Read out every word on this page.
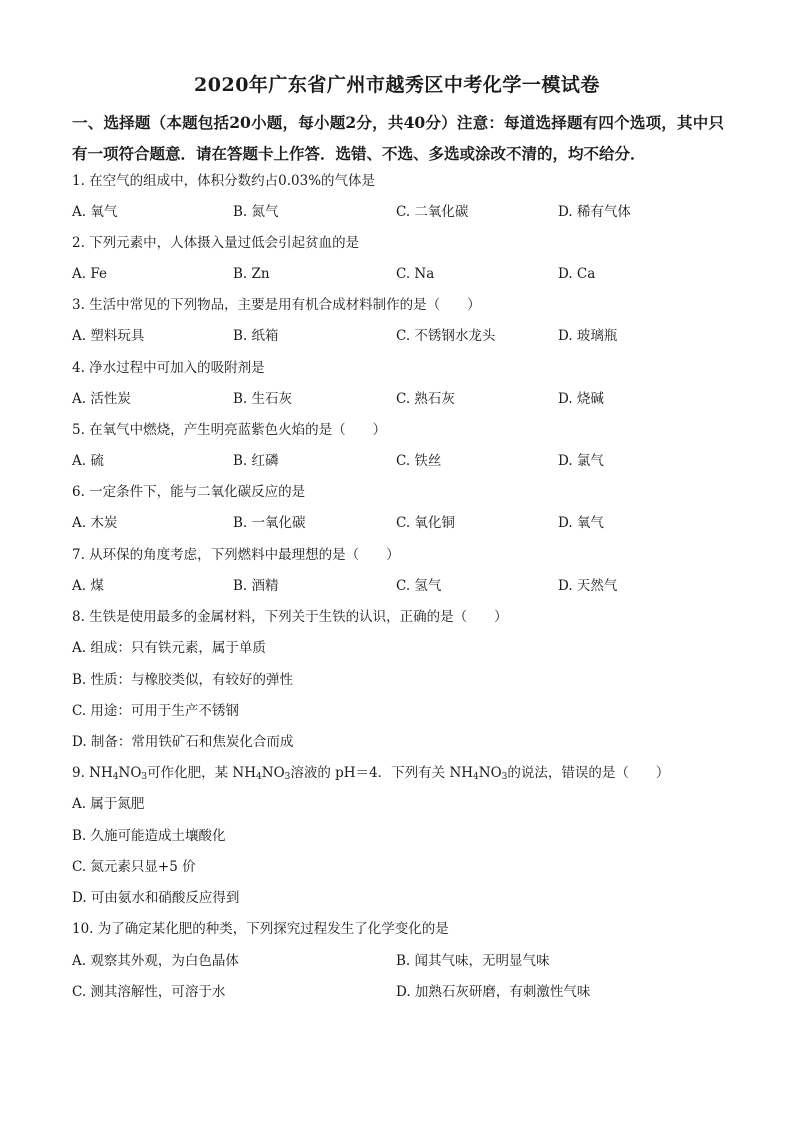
2020年广东省广州市越秀区中考化学一模试卷
一、选择题（本题包括20小题，每小题2分，共40分）注意：每道选择题有四个选项，其中只有一项符合题意．请在答题卡上作答．选错、不选、多选或涂改不清的，均不给分．
1. 在空气的组成中，体积分数约占0.03%的气体是
A. 氧气	B. 氮气	C. 二氧化碳	D. 稀有气体
2. 下列元素中，人体摄入量过低会引起贫血的是
A. Fe	B. Zn	C. Na	D. Ca
3. 生活中常见的下列物品，主要是用有机合成材料制作的是（　　）
A. 塑料玩具	B. 纸箱	C. 不锈钢水龙头	D. 玻璃瓶
4. 净水过程中可加入的吸附剂是
A. 活性炭	B. 生石灰	C. 熟石灰	D. 烧碱
5. 在氧气中燃烧，产生明亮蓝紫色火焰的是（　　）
A. 硫	B. 红磷	C. 铁丝	D. 氯气
6. 一定条件下，能与二氧化碳反应的是
A. 木炭	B. 一氧化碳	C. 氧化铜	D. 氧气
7. 从环保的角度考虑，下列燃料中最理想的是（　　）
A. 煤	B. 酒精	C. 氢气	D. 天然气
8. 生铁是使用最多的金属材料，下列关于生铁的认识，正确的是（　　）
A. 组成：只有铁元素，属于单质
B. 性质：与橡胶类似，有较好的弹性
C. 用途：可用于生产不锈钢
D. 制备：常用铁矿石和焦炭化合而成
9. $NH_4NO_3$可作化肥，某 $NH_4NO_3$溶液的 pH＝4．下列有关 $NH_4NO_3$的说法，错误的是（　　）
A. 属于氮肥
B. 久施可能造成土壤酸化
C. 氮元素只显+5 价
D. 可由氨水和硝酸反应得到
10. 为了确定某化肥的种类，下列探究过程发生了化学变化的是
A. 观察其外观，为白色晶体	B. 闻其气味，无明显气味
C. 测其溶解性，可溶于水	D. 加熟石灰研磨，有刺激性气味
